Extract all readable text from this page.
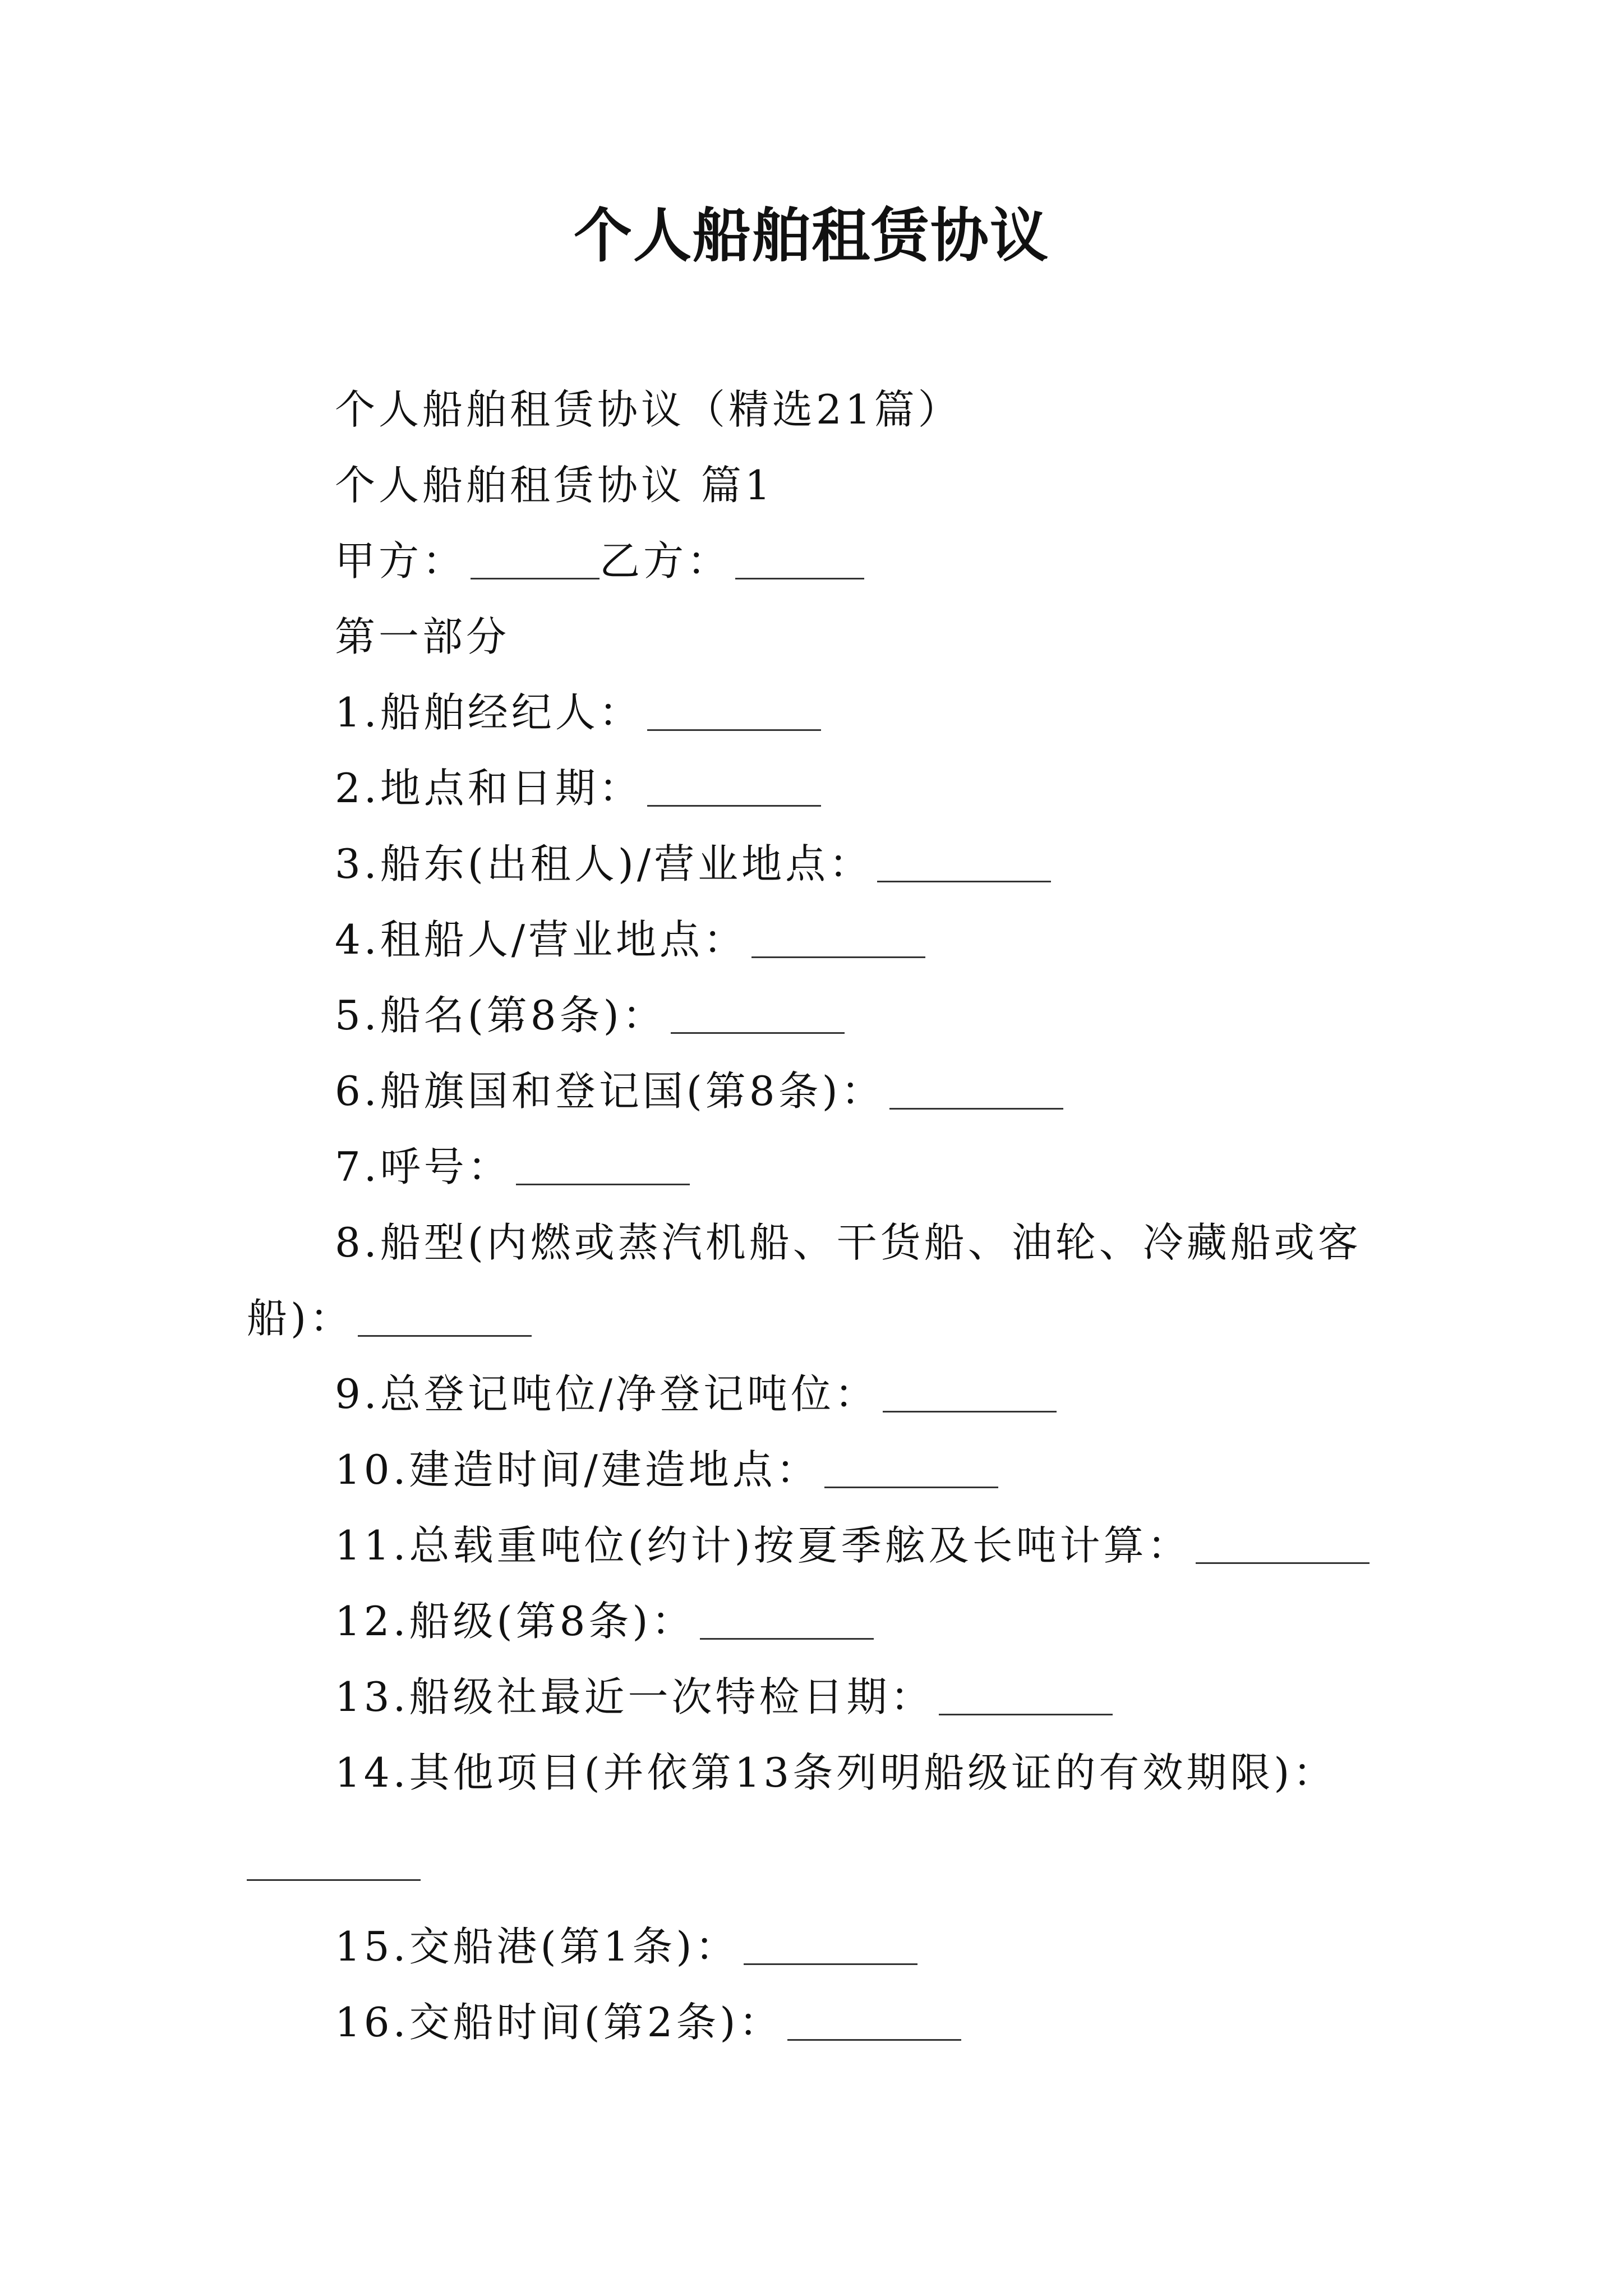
个人船舶租赁协议
个人船舶租赁协议（精选21篇）
个人船舶租赁协议 篇1
甲方：	乙方：
第一部分
1.船舶经纪人：
2.地点和日期：
3.船东(出租人)/营业地点：
4.租船人/营业地点：
5.船名(第8条)：
6.船旗国和登记国(第8条)：
7.呼号：
8.船型(内燃或蒸汽机船、干货船、油轮、冷藏船或客
船)：
9.总登记吨位/净登记吨位：
10.建造时间/建造地点：
11.总载重吨位(约计)按夏季舷及长吨计算：
12.船级(第8条)：
13.船级社最近一次特检日期：
14.其他项目(并依第13条列明船级证的有效期限)：
15.交船港(第1条)：
16.交船时间(第2条)：
